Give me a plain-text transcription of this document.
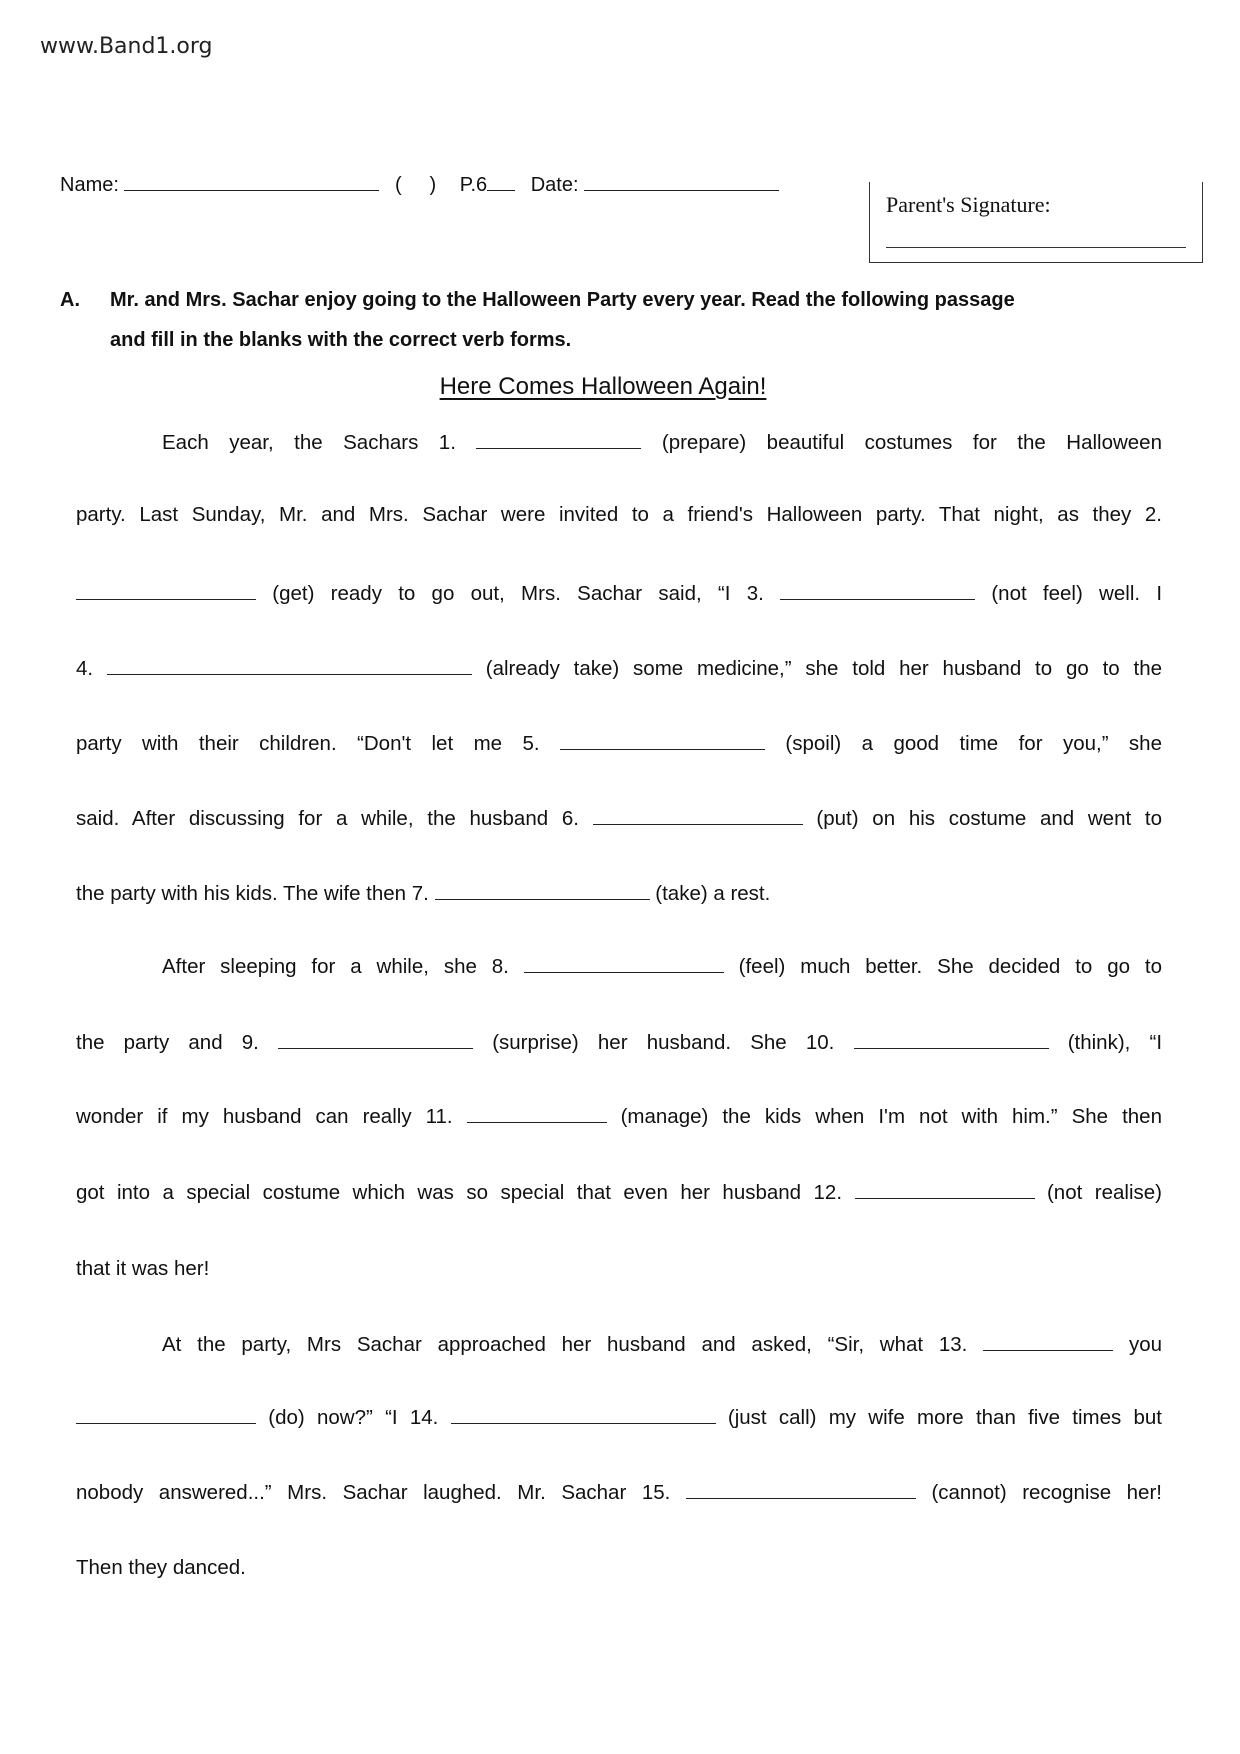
www.Band1.org
Name:	(     ) P.6 Date:
Parent's Signature:
A. Mr. and Mrs. Sachar enjoy going to the Halloween Party every year. Read the following passage
and fill in the blanks with the correct verb forms.
Here Comes Halloween Again!
Each year, the Sachars 1.	(prepare) beautiful costumes for the Halloween
party. Last Sunday, Mr. and Mrs. Sachar were invited to a friend's Halloween party. That night, as they 2.
(get) ready to go out, Mrs. Sachar said, “I 3.	(not feel) well. I
4.	(already take) some medicine,” she told her husband to go to the
party with their children. “Don't let me 5.	(spoil) a good time for you,” she
said. After discussing for a while, the husband 6.	(put) on his costume and went to
the party with his kids. The wife then 7.	(take) a rest.
After sleeping for a while, she 8.	(feel) much better. She decided to go to
the party and 9.	(surprise) her husband. She 10.	(think), “I
wonder if my husband can really 11.	(manage) the kids when I'm not with him.” She then
got into a special costume which was so special that even her husband 12.	(not realise)
that it was her!
At the party, Mrs Sachar approached her husband and asked, “Sir, what 13.	you
(do) now?” “I 14.	(just call) my wife more than five times but
nobody answered...” Mrs. Sachar laughed. Mr. Sachar 15.	(cannot) recognise her!
Then they danced.
